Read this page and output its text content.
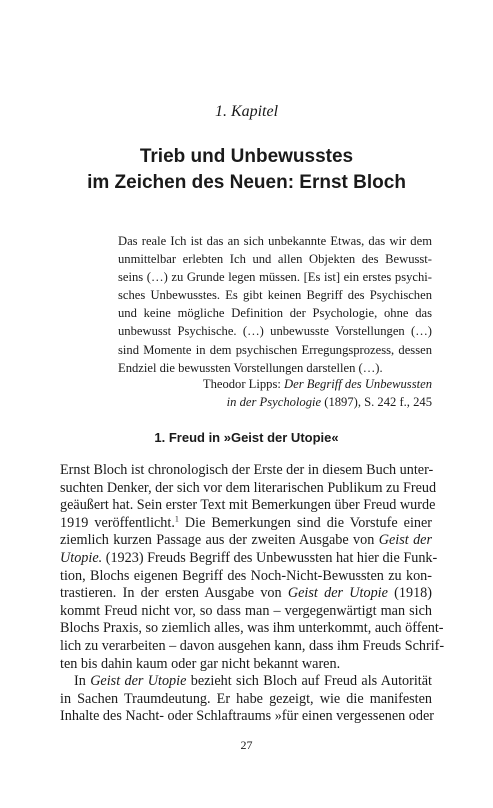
1. Kapitel
Trieb und Unbewusstes
im Zeichen des Neuen: Ernst Bloch
Das reale Ich ist das an sich unbekannte Etwas, das wir dem
unmittelbar erlebten Ich und allen Objekten des Bewusst-
seins (…) zu Grunde legen müssen. [Es ist] ein erstes psychi-
sches Unbewusstes. Es gibt keinen Begriff des Psychischen
und keine mögliche Definition der Psychologie, ohne das
unbewusst Psychische. (…) unbewusste Vorstellungen (…)
sind Momente in dem psychischen Erregungsprozess, dessen
Endziel die bewussten Vorstellungen darstellen (…).
Theodor Lipps: Der Begriff des Unbewussten
in der Psychologie (1897), S. 242 f., 245
1. Freud in »Geist der Utopie«
Ernst Bloch ist chronologisch der Erste der in diesem Buch unter-
suchten Denker, der sich vor dem literarischen Publikum zu Freud
geäußert hat. Sein erster Text mit Bemerkungen über Freud wurde
1919 veröffentlicht.$^1$ Die Bemerkungen sind die Vorstufe einer
ziemlich kurzen Passage aus der zweiten Ausgabe von Geist der
Utopie. (1923) Freuds Begriff des Unbewussten hat hier die Funk-
tion, Blochs eigenen Begriff des Noch-Nicht-Bewussten zu kon-
trastieren. In der ersten Ausgabe von Geist der Utopie (1918)
kommt Freud nicht vor, so dass man – vergegenwärtigt man sich
Blochs Praxis, so ziemlich alles, was ihm unterkommt, auch öffent-
lich zu verarbeiten – davon ausgehen kann, dass ihm Freuds Schrif-
ten bis dahin kaum oder gar nicht bekannt waren.
In Geist der Utopie bezieht sich Bloch auf Freud als Autorität
in Sachen Traumdeutung. Er habe gezeigt, wie die manifesten
Inhalte des Nacht- oder Schlaftraums »für einen vergessenen oder
27
